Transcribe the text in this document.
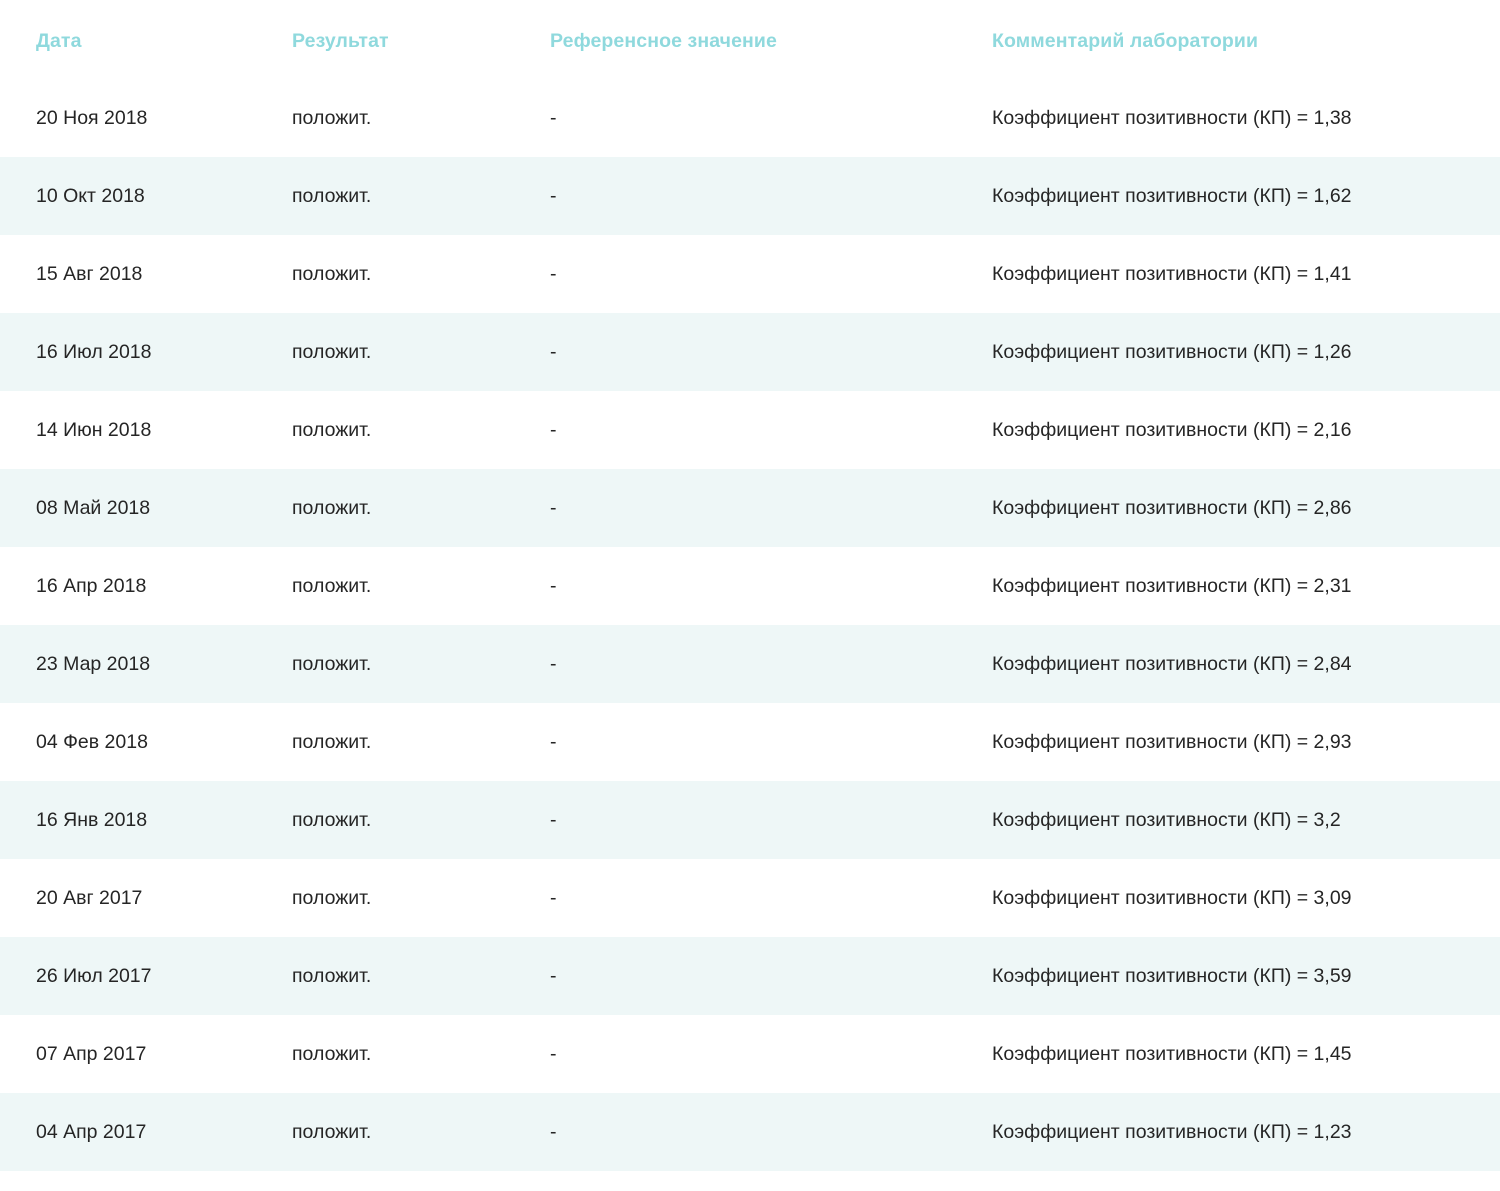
Дата	Результат	Референсное значение	Комментарий лаборатории
20 Ноя 2018	положит.	-	Коэффициент позитивности (КП) = 1,38
10 Окт 2018	положит.	-	Коэффициент позитивности (КП) = 1,62
15 Авг 2018	положит.	-	Коэффициент позитивности (КП) = 1,41
16 Июл 2018	положит.	-	Коэффициент позитивности (КП) = 1,26
14 Июн 2018	положит.	-	Коэффициент позитивности (КП) = 2,16
08 Май 2018	положит.	-	Коэффициент позитивности (КП) = 2,86
16 Апр 2018	положит.	-	Коэффициент позитивности (КП) = 2,31
23 Мар 2018	положит.	-	Коэффициент позитивности (КП) = 2,84
04 Фев 2018	положит.	-	Коэффициент позитивности (КП) = 2,93
16 Янв 2018	положит.	-	Коэффициент позитивности (КП) = 3,2
20 Авг 2017	положит.	-	Коэффициент позитивности (КП) = 3,09
26 Июл 2017	положит.	-	Коэффициент позитивности (КП) = 3,59
07 Апр 2017	положит.	-	Коэффициент позитивности (КП) = 1,45
04 Апр 2017	положит.	-	Коэффициент позитивности (КП) = 1,23
